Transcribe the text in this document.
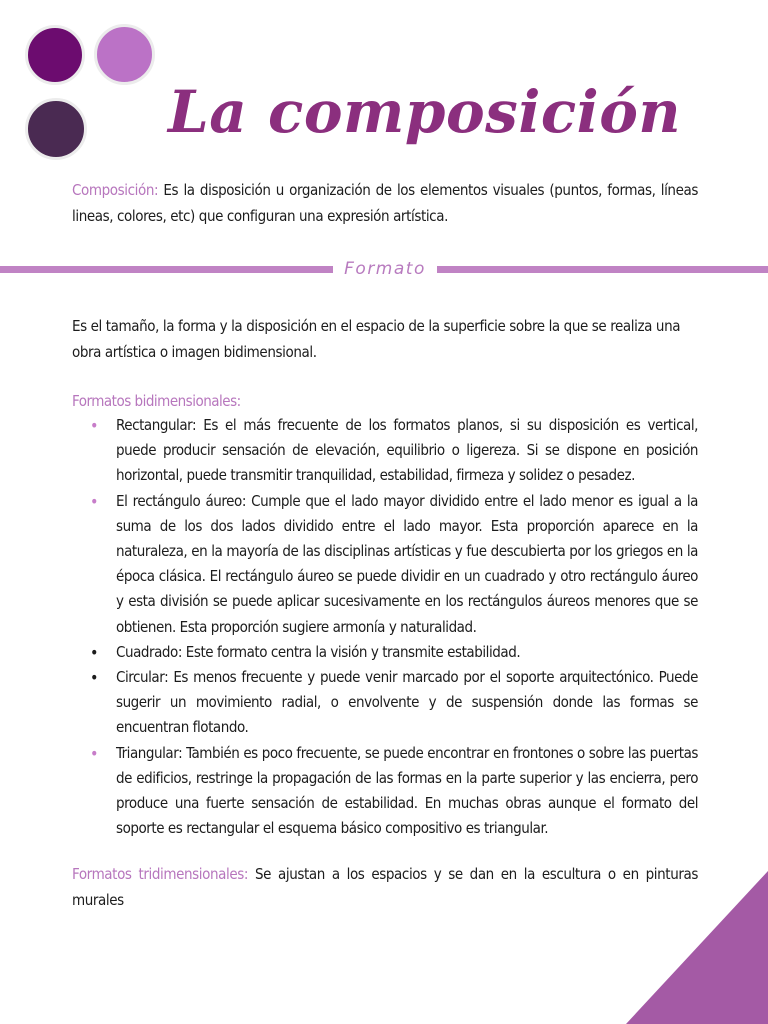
La composición

Composición: Es la disposición u organización de los elementos visuales (puntos, formas, líneas lineas, colores, etc) que configuran una expresión artística.

Formato

Es el tamaño, la forma y la disposición en el espacio de la superficie sobre la que se realiza una obra artística o imagen bidimensional.

Formatos bidimensionales:

• Rectangular: Es el más frecuente de los formatos planos, si su disposición es vertical, puede producir sensación de elevación, equilibrio o ligereza. Si se dispone en posición horizontal, puede transmitir tranquilidad, estabilidad, firmeza y solidez o pesadez.
• El rectángulo áureo: Cumple que el lado mayor dividido entre el lado menor es igual a la suma de los dos lados dividido entre el lado mayor. Esta proporción aparece en la naturaleza, en la mayoría de las disciplinas artísticas y fue descubierta por los griegos en la época clásica. El rectángulo áureo se puede dividir en un cuadrado y otro rectángulo áureo y esta división se puede aplicar sucesivamente en los rectángulos áureos menores que se obtienen. Esta proporción sugiere armonía y naturalidad.
• Cuadrado: Este formato centra la visión y transmite estabilidad.
• Circular: Es menos frecuente y puede venir marcado por el soporte arquitectónico. Puede sugerir un movimiento radial, o envolvente y de suspensión donde las formas se encuentran flotando.
• Triangular: También es poco frecuente, se puede encontrar en frontones o sobre las puertas de edificios, restringe la propagación de las formas en la parte superior y las encierra, pero produce una fuerte sensación de estabilidad. En muchas obras aunque el formato del soporte es rectangular el esquema básico compositivo es triangular.

Formatos tridimensionales: Se ajustan a los espacios y se dan en la escultura o en pinturas murales
